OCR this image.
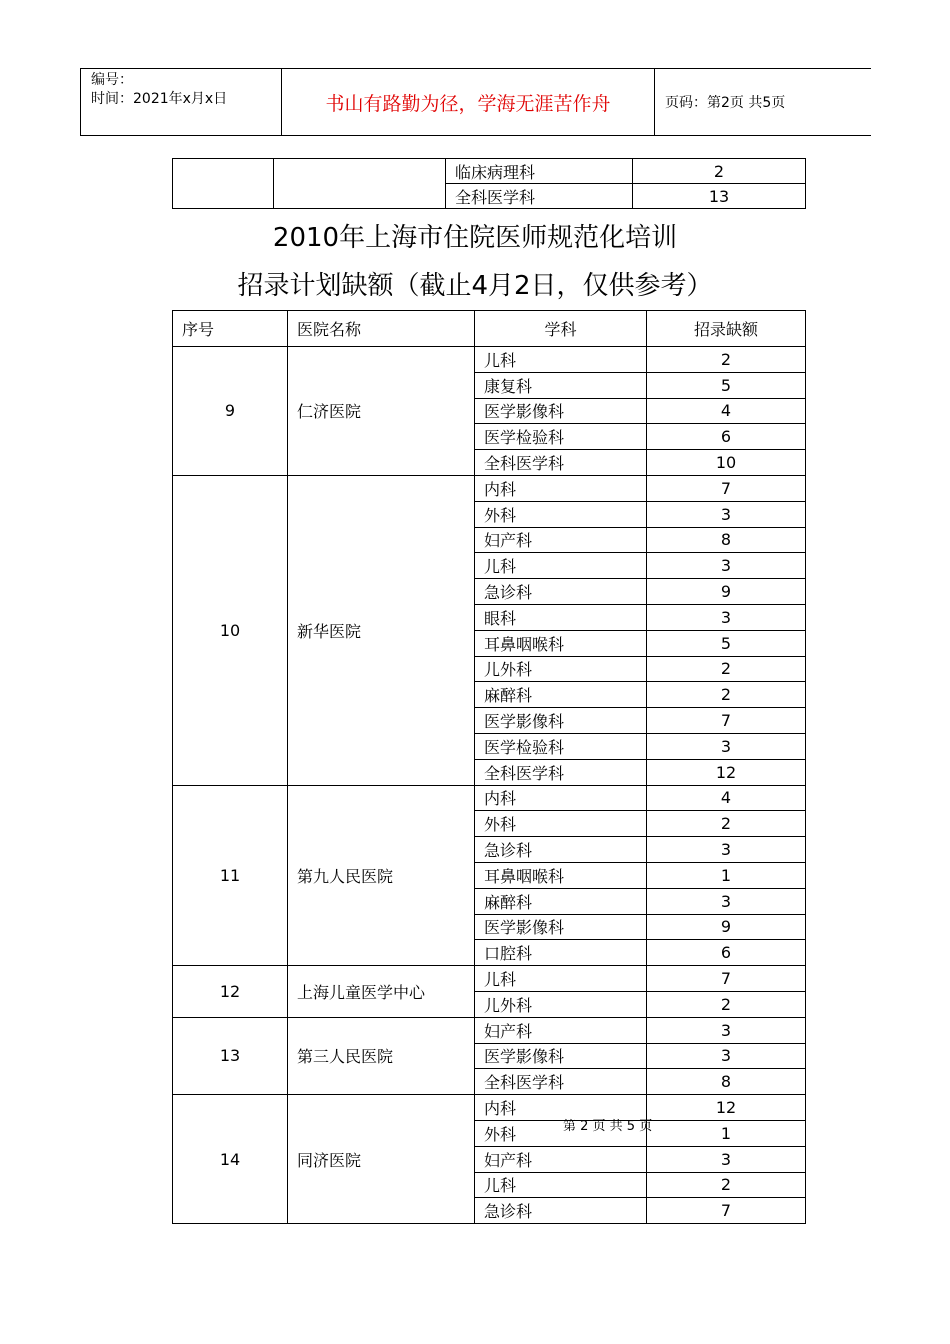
编号：
时间：2021年x月x日	书山有路勤为径，学海无涯苦作舟	页码：第2页 共5页
		临床病理科	2
		全科医学科	13
2010年上海市住院医师规范化培训
招录计划缺额（截止4月2日，仅供参考）
序号	医院名称	学科	招录缺额
9	仁济医院	儿科	2
		康复科	5
		医学影像科	4
		医学检验科	6
		全科医学科	10
10	新华医院	内科	7
		外科	3
		妇产科	8
		儿科	3
		急诊科	9
		眼科	3
		耳鼻咽喉科	5
		儿外科	2
		麻醉科	2
		医学影像科	7
		医学检验科	3
		全科医学科	12
11	第九人民医院	内科	4
		外科	2
		急诊科	3
		耳鼻咽喉科	1
		麻醉科	3
		医学影像科	9
		口腔科	6
12	上海儿童医学中心	儿科	7
		儿外科	2
13	第三人民医院	妇产科	3
		医学影像科	3
		全科医学科	8
14	同济医院	内科	12
		外科	1
		妇产科	3
		儿科	2
		急诊科	7
第 2 页 共 5 页
